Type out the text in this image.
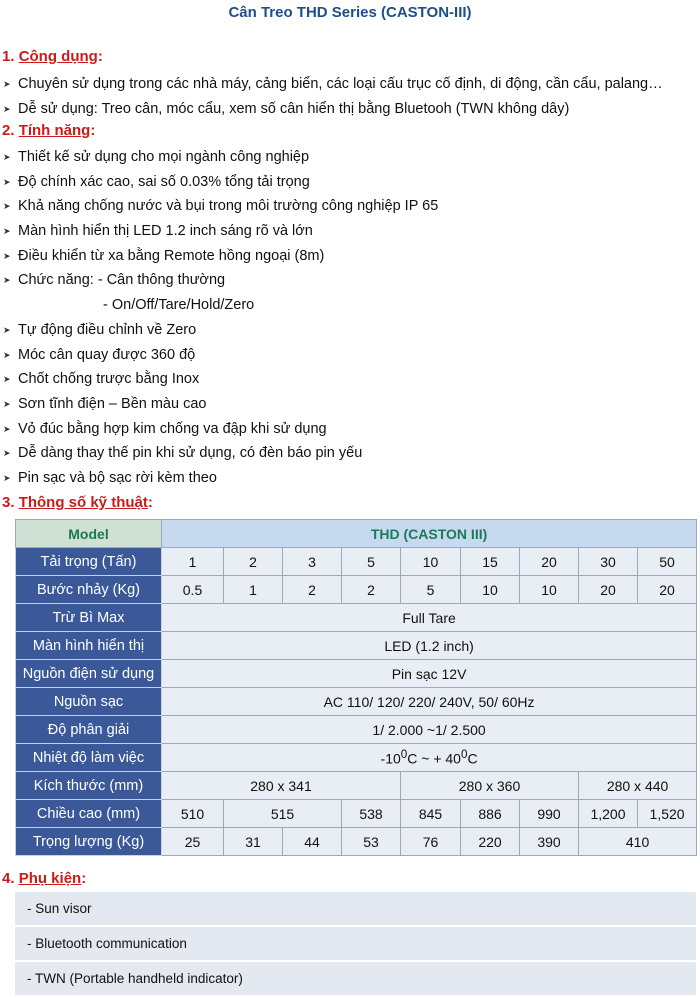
Cân Treo THD Series (CASTON-III)
1. Công dụng:
➤ Chuyên sử dụng trong các nhà máy, cảng biển, các loại cấu trục cố định, di động, cần cẩu, palang…
➤ Dễ sử dụng: Treo cân, móc cẩu, xem số cân hiển thị bằng Bluetooh (TWN không dây)
2. Tính năng:
➤ Thiết kế sử dụng cho mọi ngành công nghiệp
➤ Độ chính xác cao, sai số 0.03% tổng tải trọng
➤ Khả năng chống nước và bụi trong môi trường công nghiệp IP 65
➤ Màn hình hiển thị LED 1.2 inch sáng rõ và lớn
➤ Điều khiển từ xa bằng Remote hồng ngoại (8m)
➤ Chức năng: - Cân thông thường
- On/Off/Tare/Hold/Zero
➤ Tự động điều chỉnh về Zero
➤ Móc cân quay được 360 độ
➤ Chốt chống trược bằng Inox
➤ Sơn tĩnh điện – Bền màu cao
➤ Vỏ đúc bằng hợp kim chống va đập khi sử dụng
➤ Dễ dàng thay thế pin khi sử dụng, có đèn báo pin yếu
➤ Pin sạc và bộ sạc rời kèm theo
3. Thông số kỹ thuật:
Model	THD (CASTON III)								
Tải trọng (Tấn)	1	2	3	5	10	15	20	30	50
Bước nhảy (Kg)	0.5	1	2	2	5	10	10	20	20
Trừ Bì Max	Full Tare								
Màn hình hiển thị	LED (1.2 inch)								
Nguồn điện sử dụng	Pin sạc 12V								
Nguồn sạc	AC 110/ 120/ 220/ 240V, 50/ 60Hz								
Độ phân giải	1/ 2.000 ~1/ 2.500								
Nhiệt độ làm việc	$-10^0C$ ~ + $40^0C$								
Kích thước (mm)	280 x 341				280 x 360			280 x 440	
Chiều cao (mm)	510	515		538	845	886	990	1,200	1,520
Trọng lượng (Kg)	25	31	44	53	76	220	390	410	
4. Phụ kiện:
- Sun visor
- Bluetooth communication
- TWN (Portable handheld indicator)
